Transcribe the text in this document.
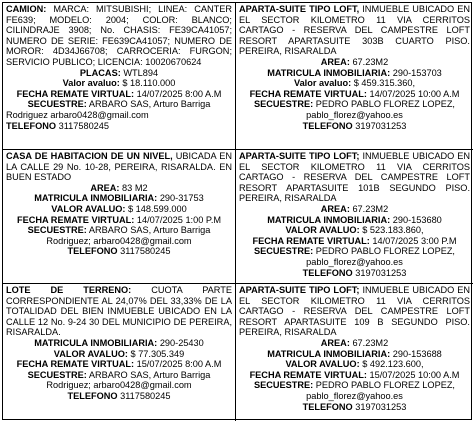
CAMION: MARCA: MITSUBISHI; LINEA: CANTER FE639; MODELO: 2004; COLOR: BLANCO; CILINDRAJE 3908; No. CHASIS: FE39CA41057; NUMERO DE SERIE: FE639CA41057; NUMERO DE MOROR: 4D34J66708; CARROCERIA: FURGON; SERVICIO PUBLICO; LICENCIA: 10020670624

PLACAS: WTL894

Valor avaluo: $ 18.110.000

FECHA REMATE VIRTUAL: 14/07/2025 8:00 A.M

SECUESTRE: ARBARO SAS, Arturo Barriga

Rodriguez arbaro0428@gmail.com

TELEFONO 3117580245

APARTA-SUITE TIPO LOFT, INMUEBLE UBICADO EN EL SECTOR KILOMETRO 11 VIA CERRITOS CARTAGO - RESERVA DEL CAMPESTRE LOFT RESORT APARTASUITE 303B CUARTO PISO. PEREIRA, RISARALDA

AREA: 67.23M2

MATRICULA INMOBILIARIA: 290-153703

Valor avaluo: $ 459.315.360,

FECHA REMATE VIRTUAL: 14/07/2025 10:00 A.M

SECUESTRE: PEDRO PABLO FLOREZ LOPEZ,

pablo_florez@yahoo.es

TELEFONO 3197031253

CASA DE HABITACION DE UN NIVEL, UBICADA EN LA CALLE 29 No. 10-28, PEREIRA, RISARALDA. EN BUEN ESTADO

AREA: 83 M2

MATRICULA INMOBILIARIA: 290-31753

VALOR AVALUO: $ 148.599.000

FECHA REMATE VIRTUAL: 14/07/2025 1:00 P.M

SECUESTRE: ARBARO SAS, Arturo Barriga

Rodriguez; arbaro0428@gmail.com

TELEFONO 3117580245

APARTA-SUITE TIPO LOFT; INMUEBLE UBICADO EN EL SECTOR KILOMETRO 11 VIA CERRITOS CARTAGO - RESERVA DEL CAMPESTRE LOFT RESORT APARTASUITE 101B SEGUNDO PISO. PEREIRA, RISARALDA

AREA: 67.23M2

MATRICULA INMOBILIARIA: 290-153680

VALOR AVALUO: $ 523.183.860,

FECHA REMATE VIRTUAL: 14/07/2025 3:00 P.M

SECUESTRE: PEDRO PABLO FLOREZ LOPEZ,

pablo_florez@yahoo.es

TELEFONO 3197031253

LOTE DE TERRENO: CUOTA PARTE CORRESPONDIENTE AL 24,07% DEL 33,33% DE LA TOTALIDAD DEL BIEN INMUEBLE UBICADO EN LA CALLE 12 No. 9-24 30 DEL MUNICIPIO DE PEREIRA, RISARALDA.

MATRICULA INMOBILIARIA: 290-25430

VALOR AVALUO: $ 77.305.349

FECHA REMATE VIRTUAL: 15/07/2025 8:00 A.M

SECUESTRE: ARBARO SAS, Arturo Barriga

Rodriguez; arbaro0428@gmail.com

TELEFONO 3117580245

APARTA-SUITE TIPO LOFT; INMUEBLE UBICADO EN EL SECTOR KILOMETRO 11 VIA CERRITOS CARTAGO - RESERVA DEL CAMPESTRE LOFT RESORT APARTASUITE 109 B SEGUNDO PISO. PEREIRA, RISARALDA

AREA: 67.23M2

MATRICULA INMOBILIARIA: 290-153688

VALOR AVALUO: $ 492.123.600,

FECHA REMATE VIRTUAL: 15/07/2025 10:00 A.M

SECUESTRE: PEDRO PABLO FLOREZ LOPEZ,

pablo_florez@yahoo.es

TELEFONO 3197031253
